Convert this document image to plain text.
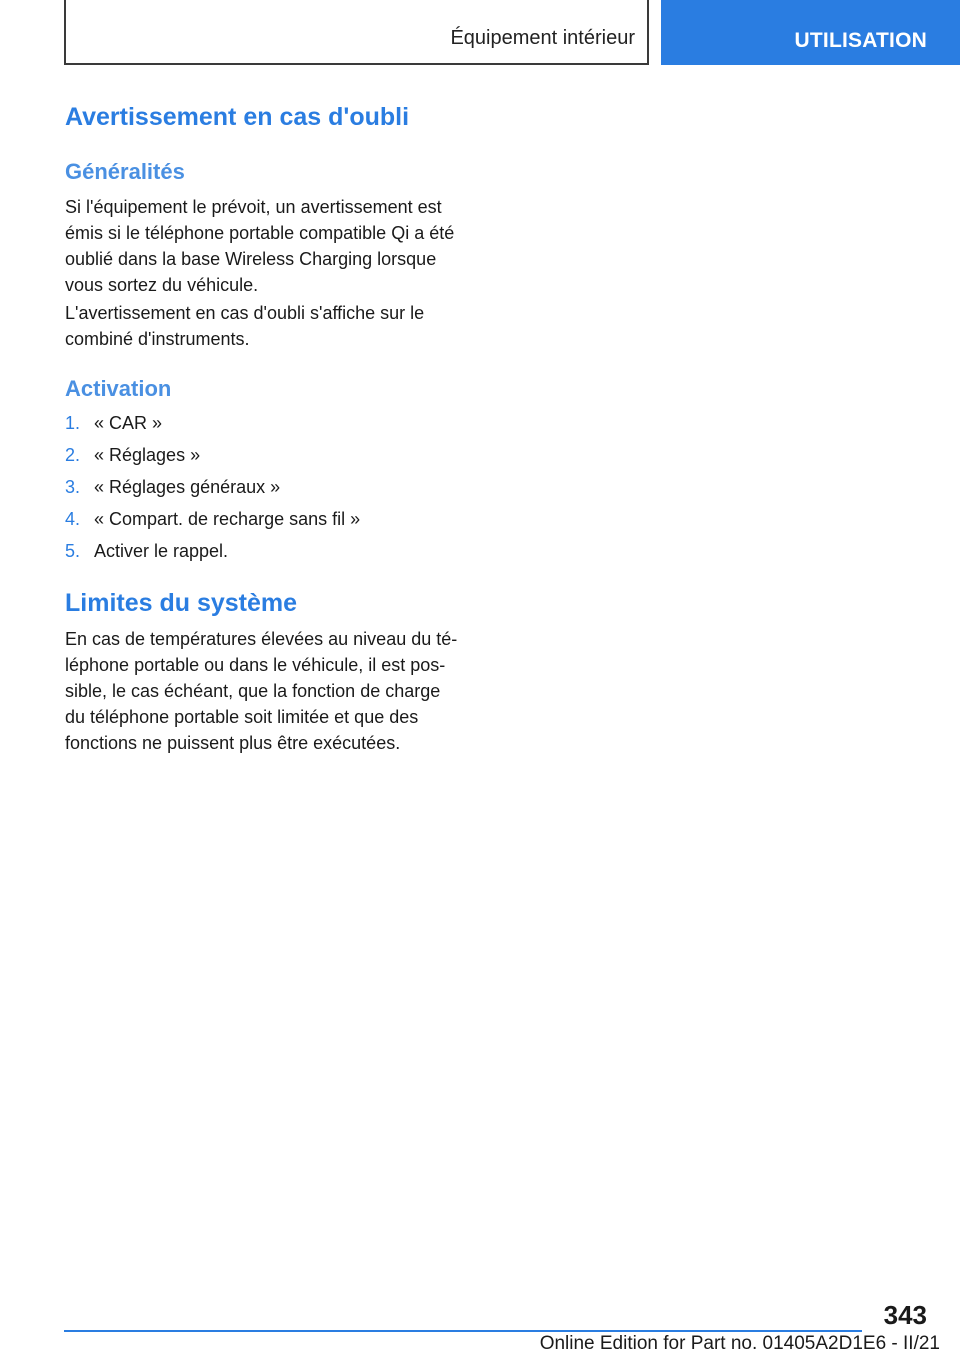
Équipement intérieur	UTILISATION
Avertissement en cas d'oubli
Généralités

Si l'équipement le prévoit, un avertissement est
émis si le téléphone portable compatible Qi a été
oublié dans la base Wireless Charging lorsque
vous sortez du véhicule.

L'avertissement en cas d'oubli s'affiche sur le
combiné d'instruments.

Activation
1. « CAR »
2. « Réglages »
3. « Réglages généraux »
4. « Compart. de recharge sans fil »
5. Activer le rappel.
Limites du système

En cas de températures élevées au niveau du té-
léphone portable ou dans le véhicule, il est pos-
sible, le cas échéant, que la fonction de charge
du téléphone portable soit limitée et que des
fonctions ne puissent plus être exécutées.

343
Online Edition for Part no. 01405A2D1E6 - II/21
